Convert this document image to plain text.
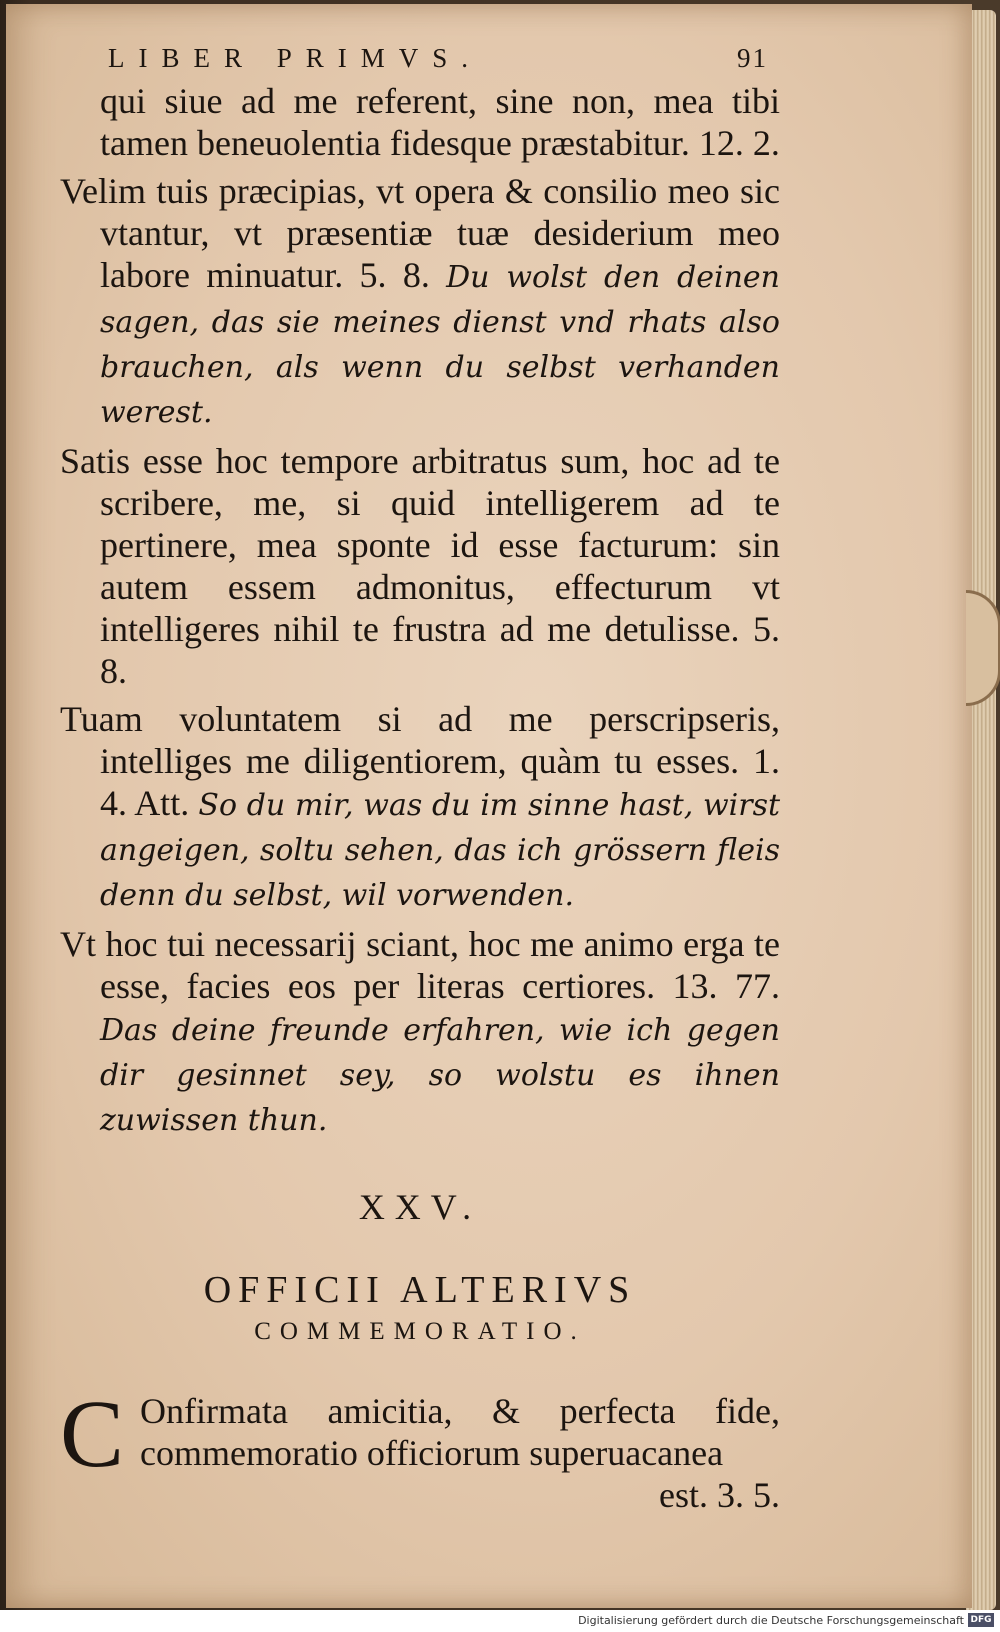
LIBER PRIMVS.	91
qui siue ad me referent, sine non, mea tibi tamen beneuolentia fidesque præstabitur. 12. 2.
Velim tuis præcipias, vt opera & consilio meo sic vtantur, vt præsentiæ tuæ desiderium meo labore minuatur. 5. 8. Du wolst den deinen sagen, das sie meines dienst vnd rhats also brauchen, als wenn du selbst verhanden werest.
Satis esse hoc tempore arbitratus sum, hoc ad te scribere, me, si quid intelligerem ad te pertinere, mea sponte id esse facturum: sin autem essem admonitus, effecturum vt intelligeres nihil te frustra ad me detulisse. 5. 8.
Tuam voluntatem si ad me perscripseris, intelliges me diligentiorem, quàm tu esses. 1. 4. Att. So du mir, was du im sinne hast, wirst angeigen, soltu sehen, das ich grössern fleis denn du selbst, wil vorwenden.
Vt hoc tui necessarij sciant, hoc me animo erga te esse, facies eos per literas certiores. 13. 77. Das deine freunde erfahren, wie ich gegen dir gesinnet sey, so wolstu es ihnen zuwissen thun.
XXV.
OFFICII ALTERIVS
COMMEMORATIO.
C Onfirmata amicitia, & perfecta fide, commemoratio officiorum superuacanea
est. 3. 5.
Digitalisierung gefördert durch die Deutsche Forschungsgemeinschaft DFG
